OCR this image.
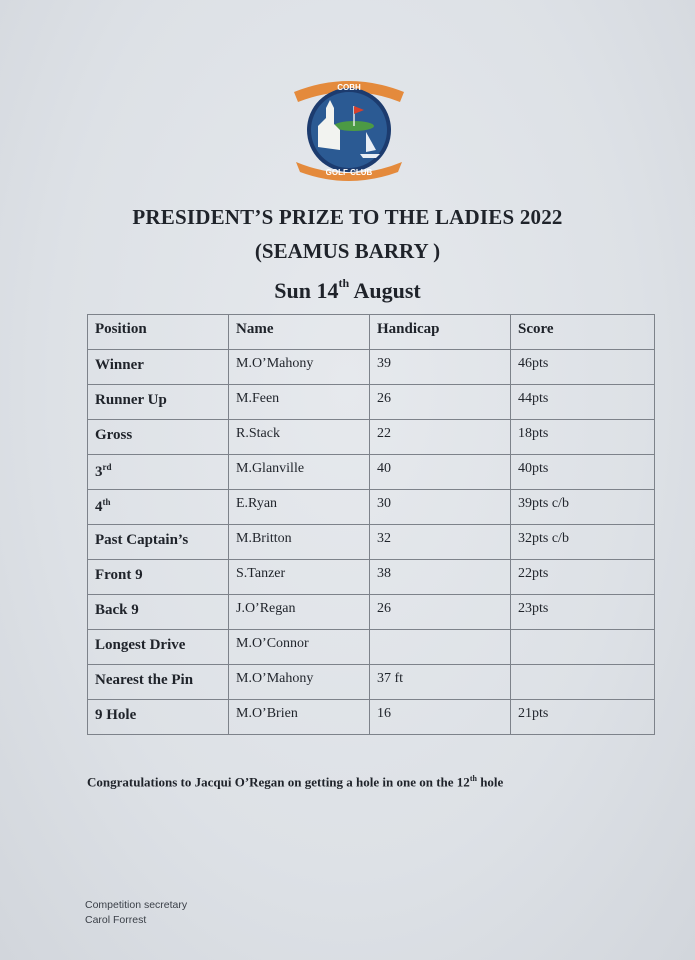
COBH
GOLF CLUB
PRESIDENT’S PRIZE TO THE LADIES 2022
(SEAMUS BARRY )
Sun 14th August
Position	Name	Handicap	Score
Winner	M.O’Mahony	39	46pts
Runner Up	M.Feen	26	44pts
Gross	R.Stack	22	18pts
3rd	M.Glanville	40	40pts
4th	E.Ryan	30	39pts c/b
Past Captain’s	M.Britton	32	32pts c/b
Front 9	S.Tanzer	38	22pts
Back 9	J.O’Regan	26	23pts
Longest Drive	M.O’Connor		
Nearest the Pin	M.O’Mahony	37 ft	
9 Hole	M.O’Brien	16	21pts
Congratulations to Jacqui O’Regan on getting a hole in one on the 12th hole
Competition secretary
Carol Forrest
